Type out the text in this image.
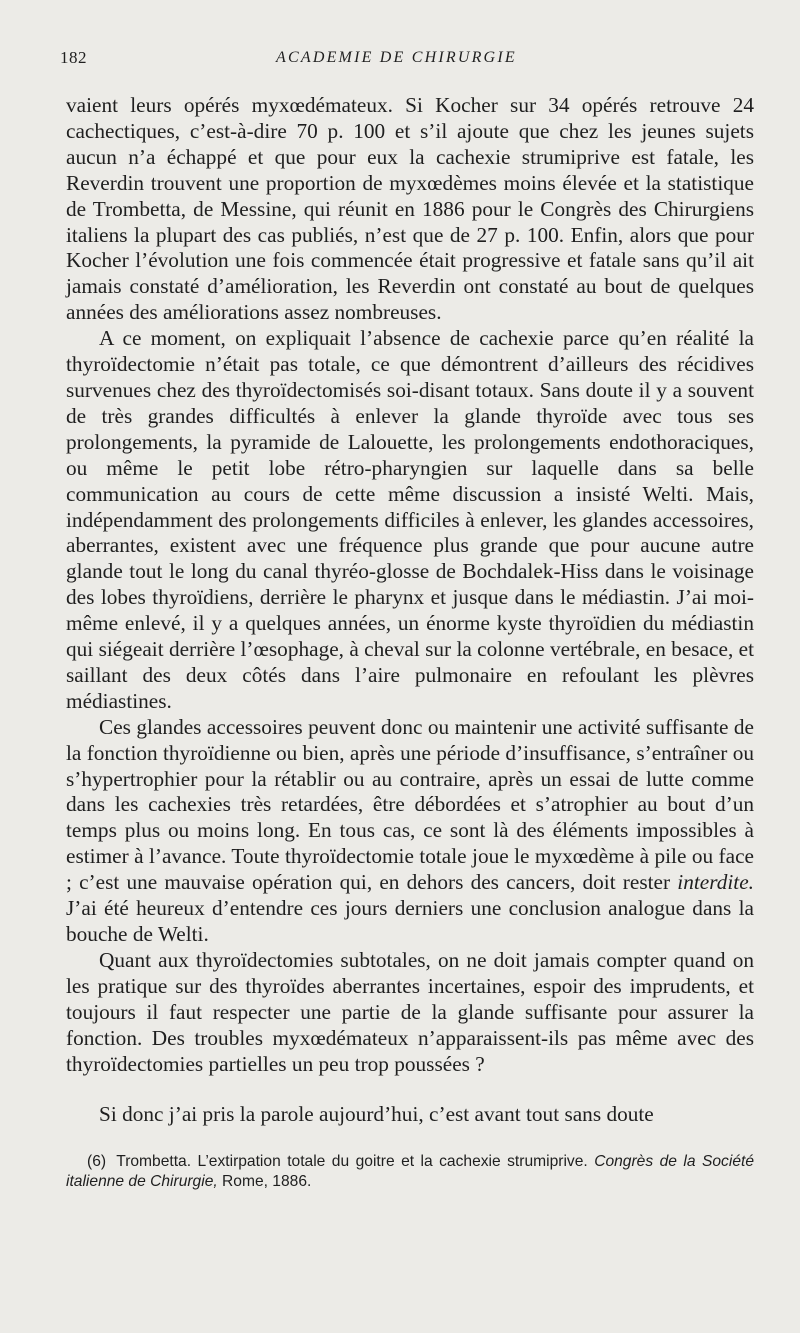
182	ACADEMIE DE CHIRURGIE

vaient leurs opérés myxœdémateux. Si Kocher sur 34 opérés retrouve 24 cachectiques, c’est-à-dire 70 p. 100 et s’il ajoute que chez les jeunes sujets aucun n’a échappé et que pour eux la cachexie strumiprive est fatale, les Reverdin trouvent une proportion de myxœdèmes moins élevée et la statistique de Trombetta, de Messine, qui réunit en 1886 pour le Congrès des Chirurgiens italiens la plupart des cas publiés, n’est que de 27 p. 100. Enfin, alors que pour Kocher l’évolution une fois commencée était progressive et fatale sans qu’il ait jamais constaté d’amélioration, les Reverdin ont constaté au bout de quelques années des améliorations assez nombreuses.

A ce moment, on expliquait l’absence de cachexie parce qu’en réalité la thyroïdectomie n’était pas totale, ce que démontrent d’ailleurs des récidives survenues chez des thyroïdectomisés soi-disant totaux. Sans doute il y a souvent de très grandes difficultés à enlever la glande thyroïde avec tous ses prolongements, la pyramide de Lalouette, les prolongements endothoraciques, ou même le petit lobe rétro-pharyngien sur laquelle dans sa belle communication au cours de cette même discussion a insisté Welti. Mais, indépendamment des prolongements difficiles à enlever, les glandes accessoires, aberrantes, existent avec une fréquence plus grande que pour aucune autre glande tout le long du canal thyréo-glosse de Bochdalek-Hiss dans le voisinage des lobes thyroïdiens, derrière le pharynx et jusque dans le médiastin. J’ai moi-même enlevé, il y a quelques années, un énorme kyste thyroïdien du médiastin qui siégeait derrière l’œsophage, à cheval sur la colonne vertébrale, en besace, et saillant des deux côtés dans l’aire pulmonaire en refoulant les plèvres médiastines.

Ces glandes accessoires peuvent donc ou maintenir une activité suffisante de la fonction thyroïdienne ou bien, après une période d’insuffisance, s’entraîner ou s’hypertrophier pour la rétablir ou au contraire, après un essai de lutte comme dans les cachexies très retardées, être débordées et s’atrophier au bout d’un temps plus ou moins long. En tous cas, ce sont là des éléments impossibles à estimer à l’avance. Toute thyroïdectomie totale joue le myxœdème à pile ou face ; c’est une mauvaise opération qui, en dehors des cancers, doit rester interdite. J’ai été heureux d’entendre ces jours derniers une conclusion analogue dans la bouche de Welti.

Quant aux thyroïdectomies subtotales, on ne doit jamais compter quand on les pratique sur des thyroïdes aberrantes incertaines, espoir des imprudents, et toujours il faut respecter une partie de la glande suffisante pour assurer la fonction. Des troubles myxœdémateux n’apparaissent-ils pas même avec des thyroïdectomies partielles un peu trop poussées ?

Si donc j’ai pris la parole aujourd’hui, c’est avant tout sans doute

(6) Trombetta. L’extirpation totale du goitre et la cachexie strumiprive. Congrès de la Société italienne de Chirurgie, Rome, 1886.
